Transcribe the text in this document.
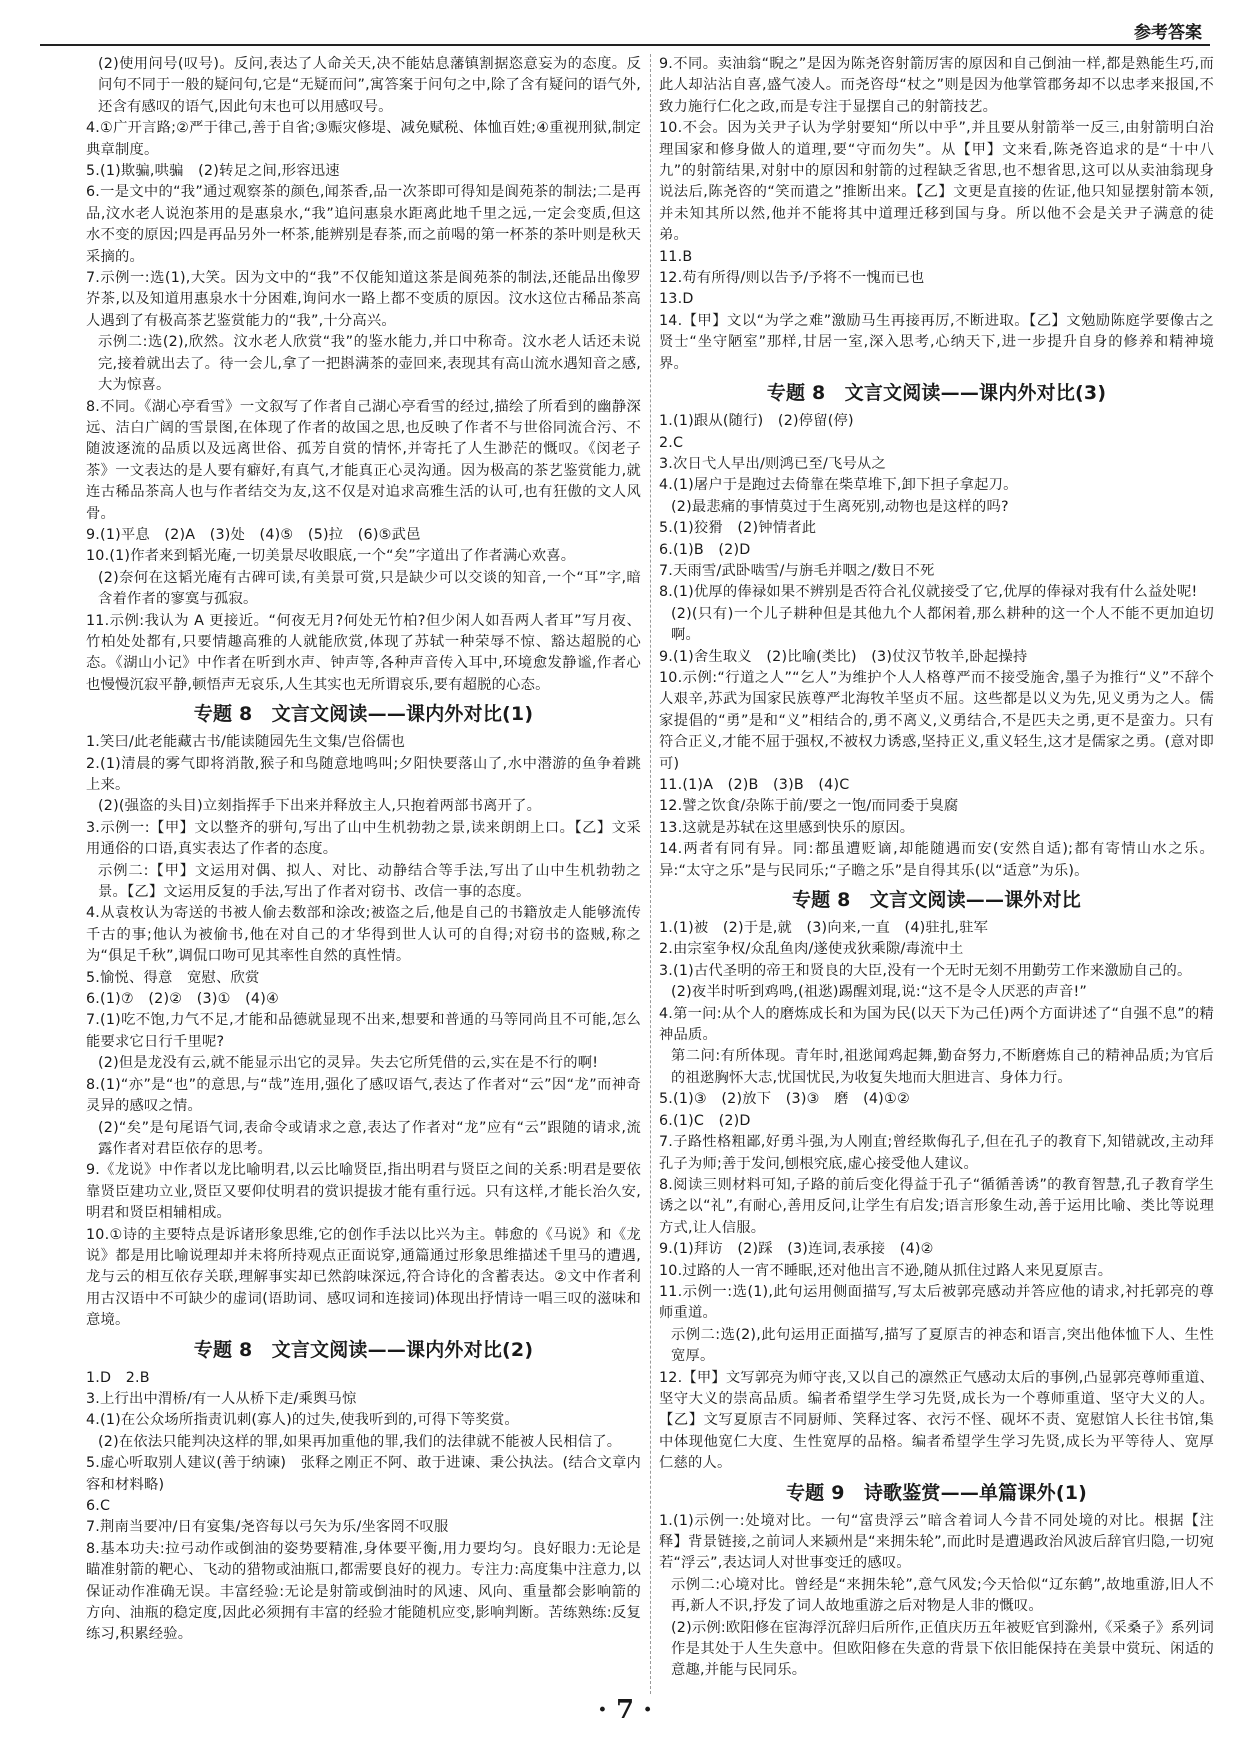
参考答案
(2)使用问号(叹号)。反问,表达了人命关天,决不能姑息藩镇割据恣意妄为的态度。反问句不同于一般的疑问句,它是“无疑而问”,寓答案于问句之中,除了含有疑问的语气外,还含有感叹的语气,因此句末也可以用感叹号。
4.①广开言路;②严于律己,善于自省;③赈灾修堤、减免赋税、体恤百姓;④重视刑狱,制定典章制度。
5.(1)欺骗,哄骗　(2)转足之间,形容迅速
6.一是文中的“我”通过观察茶的颜色,闻茶香,品一次茶即可得知是阆苑茶的制法;二是再品,汶水老人说泡茶用的是惠泉水,“我”追问惠泉水距离此地千里之远,一定会变质,但这水不变的原因;四是再品另外一杯茶,能辨别是春茶,而之前喝的第一杯茶的茶叶则是秋天采摘的。
7.示例一:选(1),大笑。因为文中的“我”不仅能知道这茶是阆苑茶的制法,还能品出像罗岕茶,以及知道用惠泉水十分困难,询问水一路上都不变质的原因。汶水这位古稀品茶高人遇到了有极高茶艺鉴赏能力的“我”,十分高兴。
示例二:选(2),欣然。汶水老人欣赏“我”的鉴水能力,并口中称奇。汶水老人话还未说完,接着就出去了。待一会儿,拿了一把斟满茶的壶回来,表现其有高山流水遇知音之感,大为惊喜。
8.不同。《湖心亭看雪》一文叙写了作者自己湖心亭看雪的经过,描绘了所看到的幽静深远、洁白广阔的雪景图,在体现了作者的故国之思,也反映了作者不与世俗同流合污、不随波逐流的品质以及远离世俗、孤芳自赏的情怀,并寄托了人生渺茫的慨叹。《闵老子茶》一文表达的是人要有癖好,有真气,才能真正心灵沟通。因为极高的茶艺鉴赏能力,就连古稀品茶高人也与作者结交为友,这不仅是对追求高雅生活的认可,也有狂傲的文人风骨。
9.(1)平息　(2)A　(3)处　(4)⑤　(5)拉　(6)⑤武邑
10.(1)作者来到韬光庵,一切美景尽收眼底,一个“矣”字道出了作者满心欢喜。
(2)奈何在这韬光庵有古碑可读,有美景可赏,只是缺少可以交谈的知音,一个“耳”字,暗含着作者的寥寞与孤寂。
11.示例:我认为 A 更接近。“何夜无月?何处无竹柏?但少闲人如吾两人者耳”写月夜、竹柏处处都有,只要情趣高雅的人就能欣赏,体现了苏轼一种荣辱不惊、豁达超脱的心态。《湖山小记》中作者在听到水声、钟声等,各种声音传入耳中,环境愈发静谧,作者心也慢慢沉寂平静,顿悟声无哀乐,人生其实也无所谓哀乐,要有超脱的心态。
专题 8　文言文阅读——课内外对比(1)
1.笑曰/此老能藏古书/能读随园先生文集/岂俗儒也
2.(1)清晨的雾气即将消散,猴子和鸟随意地鸣叫;夕阳快要落山了,水中潜游的鱼争着跳上来。
(2)(强盗的头目)立刻指挥手下出来并释放主人,只抱着两部书离开了。
3.示例一:【甲】文以整齐的骈句,写出了山中生机勃勃之景,读来朗朗上口。【乙】文采用通俗的口语,真实表达了作者的态度。
示例二:【甲】文运用对偶、拟人、对比、动静结合等手法,写出了山中生机勃勃之景。【乙】文运用反复的手法,写出了作者对窃书、改信一事的态度。
4.从袁枚认为寄送的书被人偷去数部和涂改;被盗之后,他是自己的书籍放走人能够流传千古的事;他认为被偷书,他在对自己的才华得到世人认可的自得;对窃书的盗贼,称之为“俱足千秋”,调侃口吻可见其率性自然的真性情。
5.愉悦、得意　宽慰、欣赏
6.(1)⑦　(2)②　(3)①　(4)④
7.(1)吃不饱,力气不足,才能和品德就显现不出来,想要和普通的马等同尚且不可能,怎么能要求它日行千里呢?
(2)但是龙没有云,就不能显示出它的灵异。失去它所凭借的云,实在是不行的啊!
8.(1)“亦”是“也”的意思,与“哉”连用,强化了感叹语气,表达了作者对“云”因“龙”而神奇灵异的感叹之情。
(2)“矣”是句尾语气词,表命令或请求之意,表达了作者对“龙”应有“云”跟随的请求,流露作者对君臣依存的思考。
9.《龙说》中作者以龙比喻明君,以云比喻贤臣,指出明君与贤臣之间的关系:明君是要依靠贤臣建功立业,贤臣又要仰仗明君的赏识提拔才能有重行远。只有这样,才能长治久安,明君和贤臣相辅相成。
10.①诗的主要特点是诉诸形象思维,它的创作手法以比兴为主。韩愈的《马说》和《龙说》都是用比喻说理却并未将所持观点正面说穿,通篇通过形象思维描述千里马的遭遇,龙与云的相互依存关联,理解事实却已然韵味深远,符合诗化的含蓄表达。②文中作者利用古汉语中不可缺少的虚词(语助词、感叹词和连接词)体现出抒情诗一唱三叹的滋味和意境。
专题 8　文言文阅读——课内外对比(2)
1.D　2.B
3.上行出中渭桥/有一人从桥下走/乘舆马惊
4.(1)在公众场所指责讥刺(寡人)的过失,使我听到的,可得下等奖赏。
(2)在依法只能判决这样的罪,如果再加重他的罪,我们的法律就不能被人民相信了。
5.虚心听取别人建议(善于纳谏)　张释之刚正不阿、敢于进谏、秉公执法。(结合文章内容和材料略)
6.C
7.荆南当要冲/日有宴集/尧咨每以弓矢为乐/坐客罔不叹服
8.基本功夫:拉弓动作或倒油的姿势要精准,身体要平衡,用力要均匀。良好眼力:无论是瞄准射箭的靶心、飞动的猎物或油瓶口,都需要良好的视力。专注力:高度集中注意力,以保证动作准确无误。丰富经验:无论是射箭或倒油时的风速、风向、重量都会影响箭的方向、油瓶的稳定度,因此必须拥有丰富的经验才能随机应变,影响判断。苦练熟练:反复练习,积累经验。
9.不同。卖油翁“睨之”是因为陈尧咨射箭厉害的原因和自己倒油一样,都是熟能生巧,而此人却沾沾自喜,盛气凌人。而尧咨母“杖之”则是因为他掌管郡务却不以忠孝来报国,不致力施行仁化之政,而是专注于显摆自己的射箭技艺。
10.不会。因为关尹子认为学射要知“所以中乎”,并且要从射箭举一反三,由射箭明白治理国家和修身做人的道理,要“守而勿失”。从【甲】文来看,陈尧咨追求的是“十中八九”的射箭结果,对射中的原因和射箭的过程缺乏省思,也不想省思,这可以从卖油翁现身说法后,陈尧咨的“笑而遣之”推断出来。【乙】文更是直接的佐证,他只知显摆射箭本领,并未知其所以然,他并不能将其中道理迁移到国与身。所以他不会是关尹子满意的徒弟。
11.B
12.苟有所得/则以告予/予将不一愧而已也
13.D
14.【甲】文以“为学之难”激励马生再接再厉,不断进取。【乙】文勉励陈庭学要像古之贤士“坐守陋室”那样,甘居一室,深入思考,心纳天下,进一步提升自身的修养和精神境界。
专题 8　文言文阅读——课内外对比(3)
1.(1)跟从(随行)　(2)停留(停)
2.C
3.次日弋人早出/则鸿已至/飞号从之
4.(1)屠户于是跑过去倚靠在柴草堆下,卸下担子拿起刀。
(2)最悲痛的事情莫过于生离死别,动物也是这样的吗?
5.(1)狡猾　(2)钟情者此
6.(1)B　(2)D
7.天雨雪/武卧啮雪/与旃毛并咽之/数日不死
8.(1)优厚的俸禄如果不辨别是否符合礼仪就接受了它,优厚的俸禄对我有什么益处呢!
(2)(只有)一个儿子耕种但是其他九个人都闲着,那么耕种的这一个人不能不更加迫切啊。
9.(1)舍生取义　(2)比喻(类比)　(3)仗汉节牧羊,卧起操持
10.示例:“行道之人”“乞人”为维护个人人格尊严而不接受施舍,墨子为推行“义”不辞个人艰辛,苏武为国家民族尊严北海牧羊坚贞不屈。这些都是以义为先,见义勇为之人。儒家提倡的“勇”是和“义”相结合的,勇不离义,义勇结合,不是匹夫之勇,更不是蛮力。只有符合正义,才能不屈于强权,不被权力诱惑,坚持正义,重义轻生,这才是儒家之勇。(意对即可)
11.(1)A　(2)B　(3)B　(4)C
12.譬之饮食/杂陈于前/要之一饱/而同委于臭腐
13.这就是苏轼在这里感到快乐的原因。
14.两者有同有异。同:都虽遭贬谪,却能随遇而安(安然自适);都有寄情山水之乐。异:“太守之乐”是与民同乐;“子瞻之乐”是自得其乐(以“适意”为乐)。
专题 8　文言文阅读——课外对比
1.(1)被　(2)于是,就　(3)向来,一直　(4)驻扎,驻军
2.由宗室争权/众乱鱼肉/遂使戎狄乘隙/毒流中土
3.(1)古代圣明的帝王和贤良的大臣,没有一个无时无刻不用勤劳工作来激励自己的。
(2)夜半时听到鸡鸣,(祖逖)踢醒刘琨,说:“这不是令人厌恶的声音!”
4.第一问:从个人的磨炼成长和为国为民(以天下为己任)两个方面讲述了“自强不息”的精神品质。
第二问:有所体现。青年时,祖逖闻鸡起舞,勤奋努力,不断磨炼自己的精神品质;为官后的祖逖胸怀大志,忧国忧民,为收复失地而大胆进言、身体力行。
5.(1)③　(2)放下　(3)③　磨　(4)①②
6.(1)C　(2)D
7.子路性格粗鄙,好勇斗强,为人刚直;曾经欺侮孔子,但在孔子的教育下,知错就改,主动拜孔子为师;善于发问,刨根究底,虚心接受他人建议。
8.阅读三则材料可知,子路的前后变化得益于孔子“循循善诱”的教育智慧,孔子教育学生诱之以“礼”,有耐心,善用反问,让学生有启发;语言形象生动,善于运用比喻、类比等说理方式,让人信服。
9.(1)拜访　(2)踩　(3)连词,表承接　(4)②
10.过路的人一宵不睡眠,还对他出言不逊,随从抓住过路人来见夏原吉。
11.示例一:选(1),此句运用侧面描写,写太后被郭亮感动并答应他的请求,衬托郭亮的尊师重道。
示例二:选(2),此句运用正面描写,描写了夏原吉的神态和语言,突出他体恤下人、生性宽厚。
12.【甲】文写郭亮为师守丧,又以自己的凛然正气感动太后的事例,凸显郭亮尊师重道、坚守大义的崇高品质。编者希望学生学习先贤,成长为一个尊师重道、坚守大义的人。【乙】文写夏原吉不同厨师、笑释过客、衣污不怪、砚坏不责、宽慰馆人长往书馆,集中体现他宽仁大度、生性宽厚的品格。编者希望学生学习先贤,成长为平等待人、宽厚仁慈的人。
专题 9　诗歌鉴赏——单篇课外(1)
1.(1)示例一:处境对比。一句“富贵浮云”暗含着词人今昔不同处境的对比。根据【注释】背景链接,之前词人来颍州是“来拥朱轮”,而此时是遭遇政治风波后辞官归隐,一切宛若“浮云”,表达词人对世事变迁的感叹。
示例二:心境对比。曾经是“来拥朱轮”,意气风发;今天恰似“辽东鹤”,故地重游,旧人不再,新人不识,抒发了词人故地重游之后对物是人非的慨叹。
(2)示例:欧阳修在宦海浮沉辞归后所作,正值庆历五年被贬官到滁州,《采桑子》系列词作是其处于人生失意中。但欧阳修在失意的背景下依旧能保持在美景中赏玩、闲适的意趣,并能与民同乐。
· 7 ·
